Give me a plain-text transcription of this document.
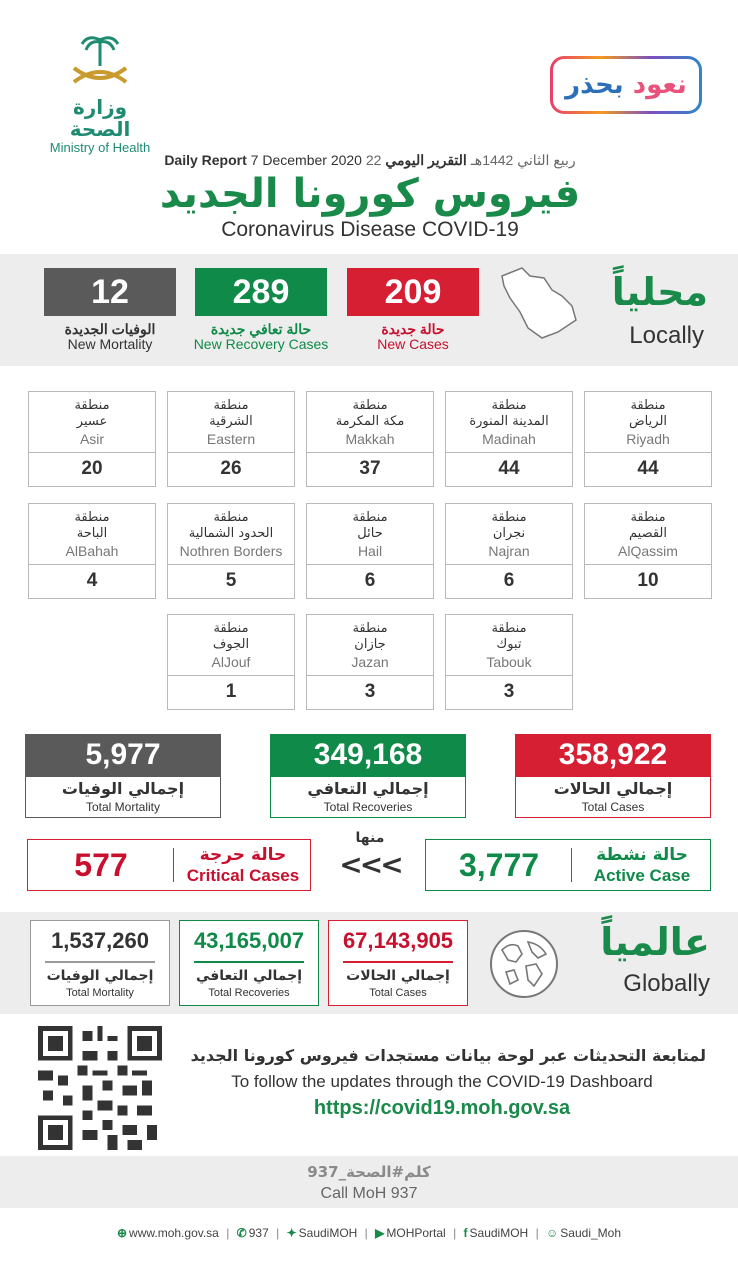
وزارة الصحة
Ministry of Health
نعود بحذر
Daily Report 7 December 2020 22 ربيع الثاني 1442هـ التقرير اليومي
فيروس كورونا الجديد
Coronavirus Disease COVID-19
12
الوفيات الجديدة
New Mortality
289
حالة تعافي جديدة
New Recovery Cases
209
حالة جديدة
New Cases
محلياً
Locally
منطقة
الرياض
Riyadh
44
منطقة
المدينة المنورة
Madinah
44
منطقة
مكة المكرمة
Makkah
37
منطقة
الشرقية
Eastern
26
منطقة
عسير
Asir
20
منطقة
القصيم
AlQassim
10
منطقة
نجران
Najran
6
منطقة
حائل
Hail
6
منطقة
الحدود الشمالية
Nothren Borders
5
منطقة
الباحة
AlBahah
4
منطقة
تبوك
Tabouk
3
منطقة
جازان
Jazan
3
منطقة
الجوف
AlJouf
1
358,922
إجمالي الحالات
Total Cases
349,168
إجمالي التعافي
Total Recoveries
5,977
إجمالي الوفيات
Total Mortality
3,777	حالة نشطة
Active Case
منها
<<<
577	حالة حرجة
Critical Cases
67,143,905
إجمالي الحالات
Total Cases
43,165,007
إجمالي التعافي
Total Recoveries
1,537,260
إجمالي الوفيات
Total Mortality
عالمياً
Globally
لمتابعة التحديثات عبر لوحة بيانات مستجدات فيروس كورونا الجديد
To follow the updates through the COVID-19 Dashboard
https://covid19.moh.gov.sa
كلم#الصحة_937
Call MoH 937
⊕ www.moh.gov.sa | ✆ 937 | ✦ SaudiMOH | ▶ MOHPortal | f SaudiMOH | ☺ Saudi_Moh
